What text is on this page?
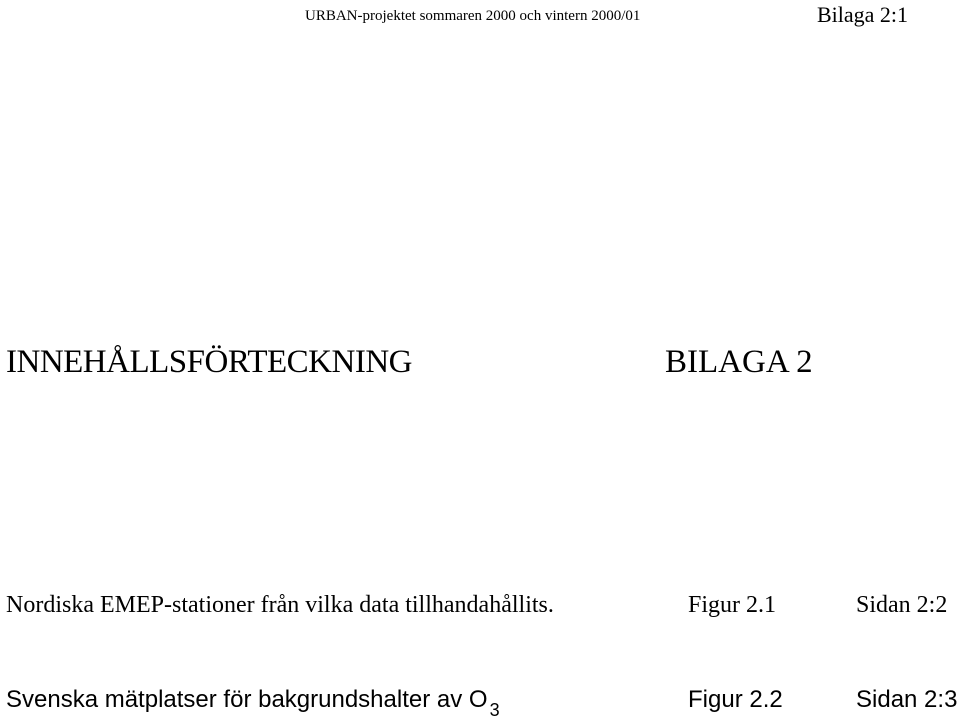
URBAN-projektet sommaren 2000 och vintern 2000/01	Bilaga 2:1
INNEHÅLLSFÖRTECKNING	BILAGA 2
Nordiska EMEP-stationer från vilka data tillhandahållits.	Figur 2.1	Sidan 2:2
Svenska mätplatser för bakgrundshalter av O $_3$	Figur 2.2	Sidan 2:3
